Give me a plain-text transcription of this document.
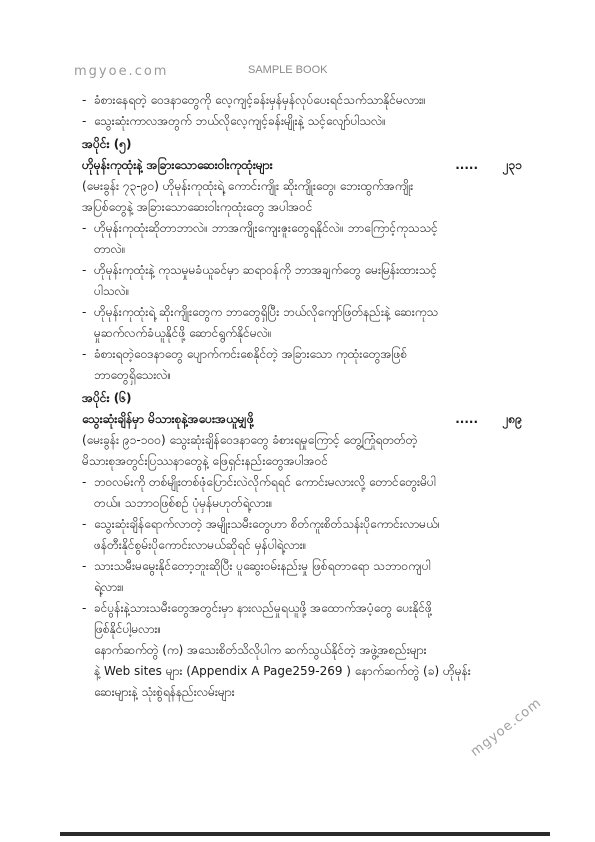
mgyoe.com	SAMPLE BOOK

- ခံစားနေရတဲ့ ဝေဒနာတွေကို လေ့ကျင့်ခန်းမှန်မှန်လုပ်ပေးရင်သက်သာနိုင်မလား။

- သွေးဆုံးကာလအတွက် ဘယ်လိုလေ့ကျင့်ခန်းမျိုးနဲ့ သင့်လျော်ပါသလဲ။

အပိုင်း (၅)

ဟိုမုန်းကုထုံးနဲ့ အခြားသောဆေးဝါးကုထုံးများ	.....	၂၃၁

(မေးခွန်း ၇၃-၉၀) ဟိုမုန်းကုထုံးရဲ့ ကောင်းကျိုး ဆိုးကျိုးတွေ၊ ဘေးထွက်အကျိုး

အပြစ်တွေနဲ့ အခြားသောဆေးဝါးကုထုံးတွေ အပါအဝင်

- ဟိုမုန်းကုထုံးဆိုတာဘာလဲ။ ဘာအကျိုးကျေးဇူးတွေရနိုင်လဲ။ ဘာကြောင့်ကုသသင့်
တာလဲ။
- ဟိုမုန်းကုထုံးနဲ့ ကုသမှုမခံယူခင်မှာ ဆရာဝန်ကို ဘာအချက်တွေ မေးမြန်းထားသင့်
ပါသလဲ။
- ဟိုမုန်းကုထုံးရဲ့ ဆိုးကျိုးတွေက ဘာတွေရှိပြီး ဘယ်လိုကျော်ဖြတ်နည်းနဲ့ ဆေးကုသ
မှုဆက်လက်ခံယူနိုင်ဖို့ ဆောင်ရွက်နိုင်မလဲ။
- ခံစားရတဲ့ဝေဒနာတွေ ပျောက်ကင်းစေနိုင်တဲ့ အခြားသော ကုထုံးတွေအဖြစ်
ဘာတွေရှိသေးလဲ။

အပိုင်း (၆)

သွေးဆုံးချိန်မှာ မိသားစုနဲ့အပေးအယူမျှဖို့	.....	၂၈၉

(မေးခွန်း ၉၁-၁၀၀) သွေးဆုံးချိန်ဝေဒနာတွေ ခံစားရမှုကြောင့် တွေ့ကြုံရတတ်တဲ့

မိသားစုအတွင်းပြဿနာတွေနဲ့ ဖြေရှင်းနည်းတွေအပါအဝင်

- ဘဝလမ်းကို တစ်မျိုးတစ်ဖုံပြောင်းလဲလိုက်ရရင် ကောင်းမလားလို့ တောင်တွေးမိပါ
တယ်။ သဘာဝဖြစ်စဉ် ပုံမှန်မဟုတ်ရဲ့လား။
- သွေးဆုံးချိန်ရောက်လာတဲ့ အမျိုးသမီးတွေဟာ စိတ်ကူးစိတ်သန်းပိုကောင်းလာမယ်၊
ဖန်တီးနိုင်စွမ်းပိုကောင်းလာမယ်ဆိုရင် မှန်ပါရဲ့လား။
- သားသမီးမမွေးနိုင်တော့ဘူးဆိုပြီး ပူဆွေးဝမ်းနည်းမှု ဖြစ်ရတာရော သဘာဝကျပါ
ရဲ့လား။
- ခင်ပွန်းနဲ့သားသမီးတွေအတွင်းမှာ နားလည်မှုရယူဖို့ အထောက်အပံ့တွေ ပေးနိုင်ဖို့
ဖြစ်နိုင်ပါ့မလား။

နောက်ဆက်တွဲ (က) အသေးစိတ်သိလိုပါက ဆက်သွယ်နိုင်တဲ့ အဖွဲ့အစည်းများ

နဲ့ Web sites များ (Appendix A Page259-269 ) နောက်ဆက်တွဲ (ခ) ဟိုမုန်း

ဆေးများနဲ့ သုံးစွဲရန်နည်းလမ်းများ

mgyoe.com
